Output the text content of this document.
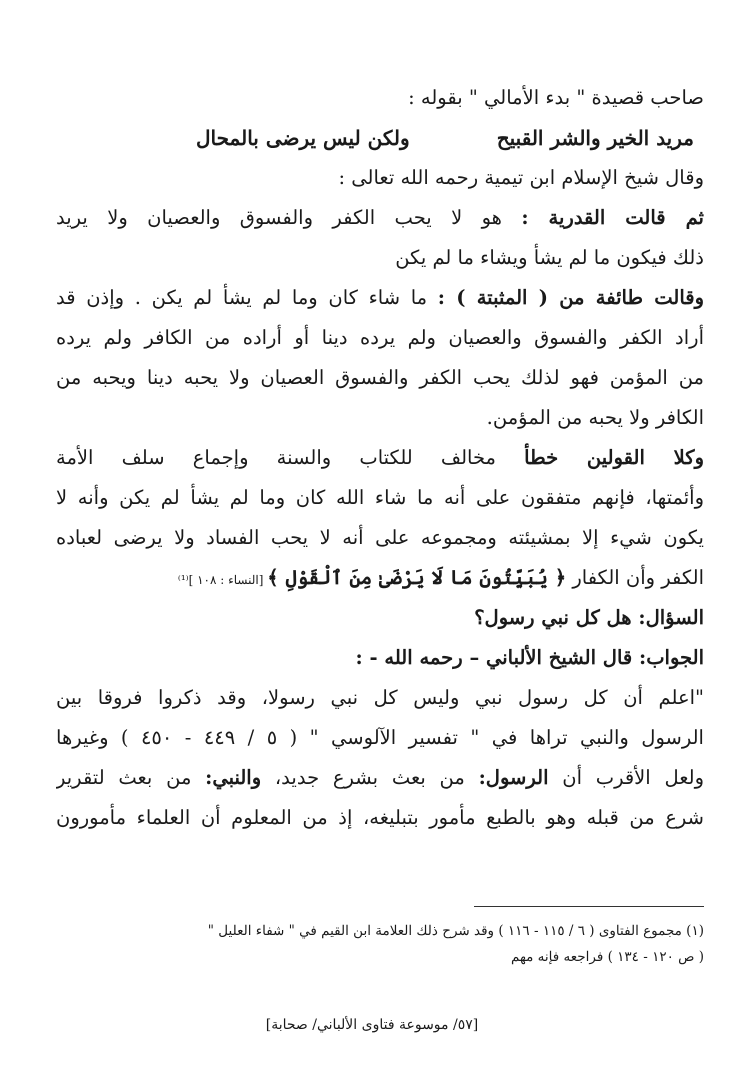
صاحب قصيدة " بدء الأمالي " بقوله :
مريد الخير والشر القبيح
ولكن ليس يرضى بالمحال
وقال شيخ الإسلام ابن تيمية رحمه الله تعالى :
ثم قالت القدرية : هو لا يحب الكفر والفسوق والعصيان ولا يريد
ذلك فيكون ما لم يشأ ويشاء ما لم يكن
وقالت طائفة من ( المثبتة ) : ما شاء كان وما لم يشأ لم يكن . وإذن قد
أراد الكفر والفسوق والعصيان ولم يرده دينا أو أراده من الكافر ولم يرده
من المؤمن فهو لذلك يحب الكفر والفسوق العصيان ولا يحبه دينا ويحبه من
الكافر ولا يحبه من المؤمن.
وكلا القولين خطأ مخالف للكتاب والسنة وإجماع سلف الأمة
وأئمتها، فإنهم متفقون على أنه ما شاء الله كان وما لم يشأ لم يكن وأنه لا
يكون شيء إلا بمشيئته ومجموعه على أنه لا يحب الفساد ولا يرضى لعباده
الكفر وأن الكفار ﴿ يُبَيِّتُونَ مَا لَا يَرْضَىٰ مِنَ ٱلْقَوْلِ ﴾ [النساء : ١٠٨ ]⁽¹⁾
السؤال: هل كل نبي رسول؟
الجواب: قال الشيخ الألباني – رحمه الله - :
"اعلم أن كل رسول نبي وليس كل نبي رسولا، وقد ذكروا فروقا بين
الرسول والنبي تراها في " تفسير الآلوسي " ( ٥ / ٤٤٩ - ٤٥٠ ) وغيرها
ولعل الأقرب أن الرسول: من بعث بشرع جديد، والنبي: من بعث لتقرير
شرع من قبله وهو بالطبع مأمور بتبليغه، إذ من المعلوم أن العلماء مأمورون
(١) مجموع الفتاوى ( ٦ / ١١٥ - ١١٦ ) وقد شرح ذلك العلامة ابن القيم في " شفاء العليل "
( ص ١٢٠ - ١٣٤ ) فراجعه فإنه مهم
[٥٧/ موسوعة فتاوى الألباني/ صحابة]
